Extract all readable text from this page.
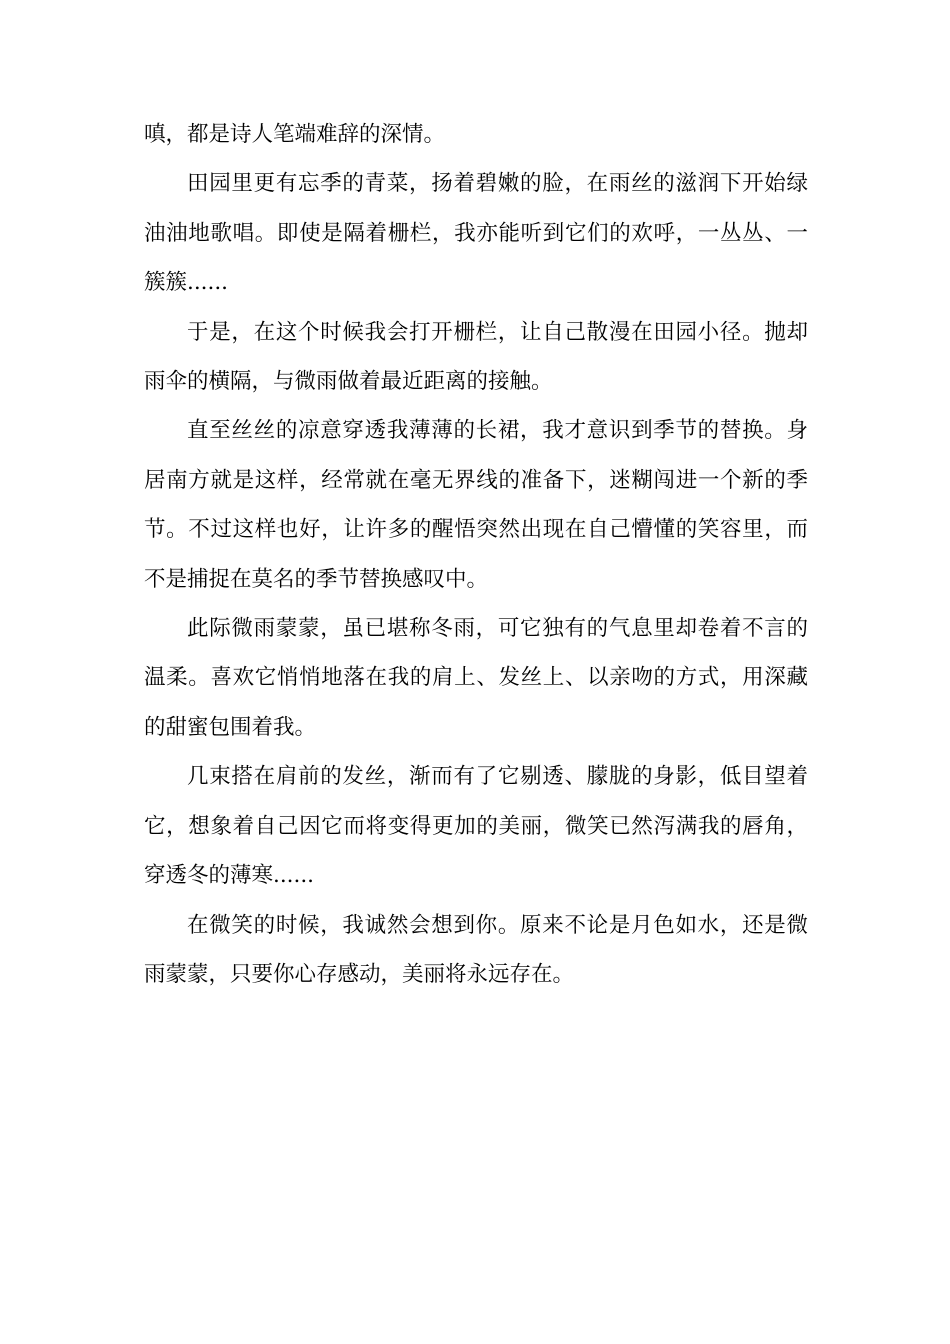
嗔，都是诗人笔端难辞的深情。

田园里更有忘季的青菜，扬着碧嫩的脸，在雨丝的滋润下开始绿油油地歌唱。即使是隔着栅栏，我亦能听到它们的欢呼，一丛丛、一簇簇......

于是，在这个时候我会打开栅栏，让自己散漫在田园小径。抛却雨伞的横隔，与微雨做着最近距离的接触。

直至丝丝的凉意穿透我薄薄的长裙，我才意识到季节的替换。身居南方就是这样，经常就在毫无界线的准备下，迷糊闯进一个新的季节。不过这样也好，让许多的醒悟突然出现在自己懵懂的笑容里，而不是捕捉在莫名的季节替换感叹中。

此际微雨蒙蒙，虽已堪称冬雨，可它独有的气息里却卷着不言的温柔。喜欢它悄悄地落在我的肩上、发丝上、以亲吻的方式，用深藏的甜蜜包围着我。

几束搭在肩前的发丝，渐而有了它剔透、朦胧的身影，低目望着它，想象着自己因它而将变得更加的美丽，微笑已然泻满我的唇角，穿透冬的薄寒......

在微笑的时候，我诚然会想到你。原来不论是月色如水，还是微雨蒙蒙，只要你心存感动，美丽将永远存在。
